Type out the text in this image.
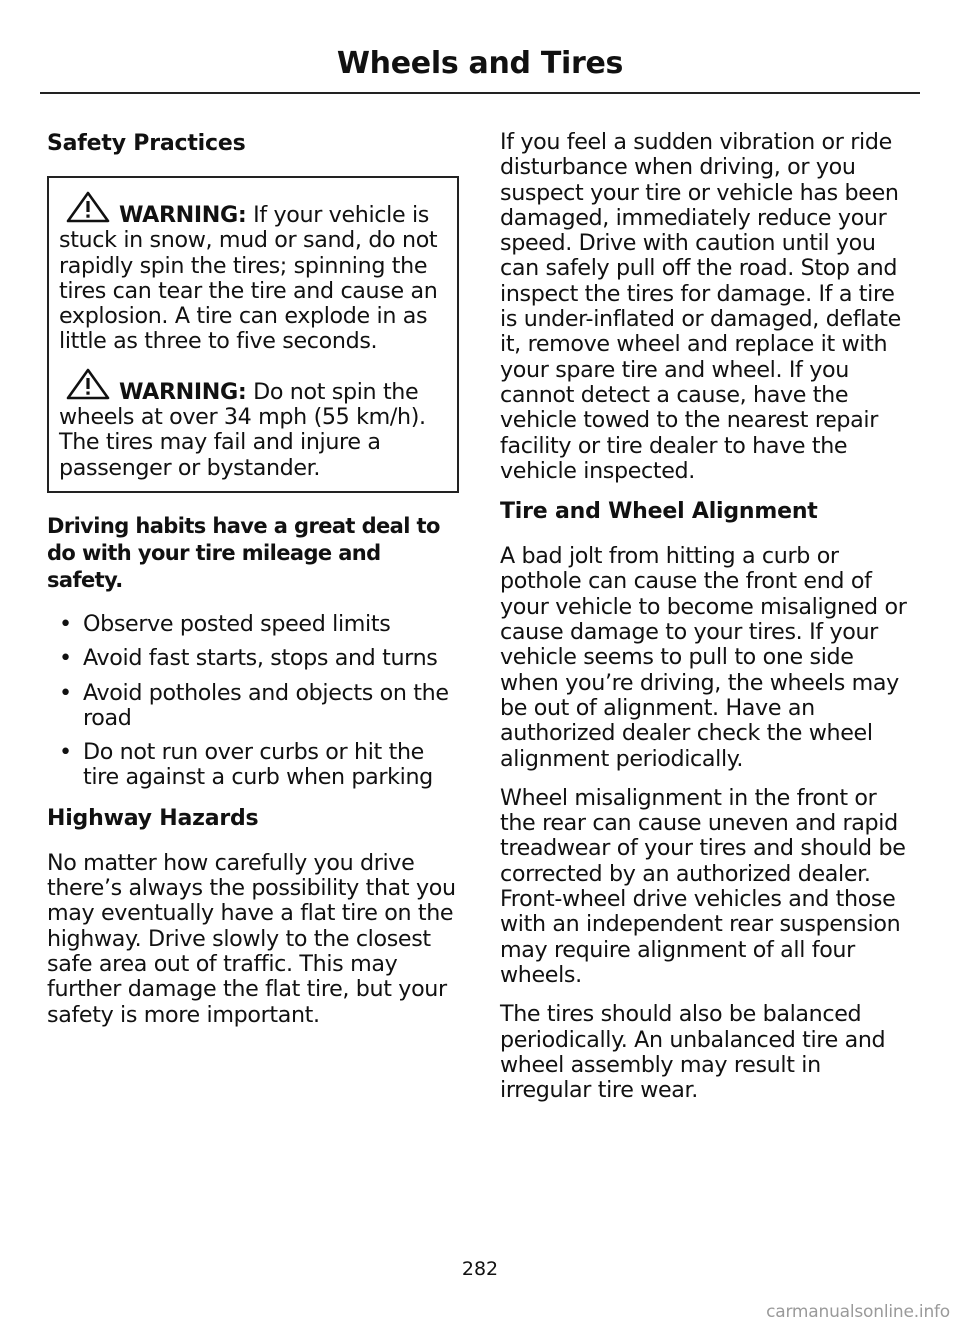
Wheels and Tires
Safety Practices

WARNING: If your vehicle is stuck in snow, mud or sand, do not rapidly spin the tires; spinning the tires can tear the tire and cause an explosion. A tire can explode in as little as three to five seconds.

WARNING: Do not spin the wheels at over 34 mph (55 km/h). The tires may fail and injure a passenger or bystander.

Driving habits have a great deal to do with your tire mileage and safety.
• Observe posted speed limits
• Avoid fast starts, stops and turns
• Avoid potholes and objects on the road
• Do not run over curbs or hit the tire against a curb when parking
Highway Hazards

No matter how carefully you drive there’s always the possibility that you may eventually have a flat tire on the highway. Drive slowly to the closest safe area out of traffic. This may further damage the flat tire, but your safety is more important.

If you feel a sudden vibration or ride disturbance when driving, or you suspect your tire or vehicle has been damaged, immediately reduce your speed. Drive with caution until you can safely pull off the road. Stop and inspect the tires for damage. If a tire is under-inflated or damaged, deflate it, remove wheel and replace it with your spare tire and wheel. If you cannot detect a cause, have the vehicle towed to the nearest repair facility or tire dealer to have the vehicle inspected.

Tire and Wheel Alignment

A bad jolt from hitting a curb or pothole can cause the front end of your vehicle to become misaligned or cause damage to your tires. If your vehicle seems to pull to one side when you’re driving, the wheels may be out of alignment. Have an authorized dealer check the wheel alignment periodically.

Wheel misalignment in the front or the rear can cause uneven and rapid treadwear of your tires and should be corrected by an authorized dealer. Front-wheel drive vehicles and those with an independent rear suspension may require alignment of all four wheels.

The tires should also be balanced periodically. An unbalanced tire and wheel assembly may result in irregular tire wear.

282
carmanualsonline.info
